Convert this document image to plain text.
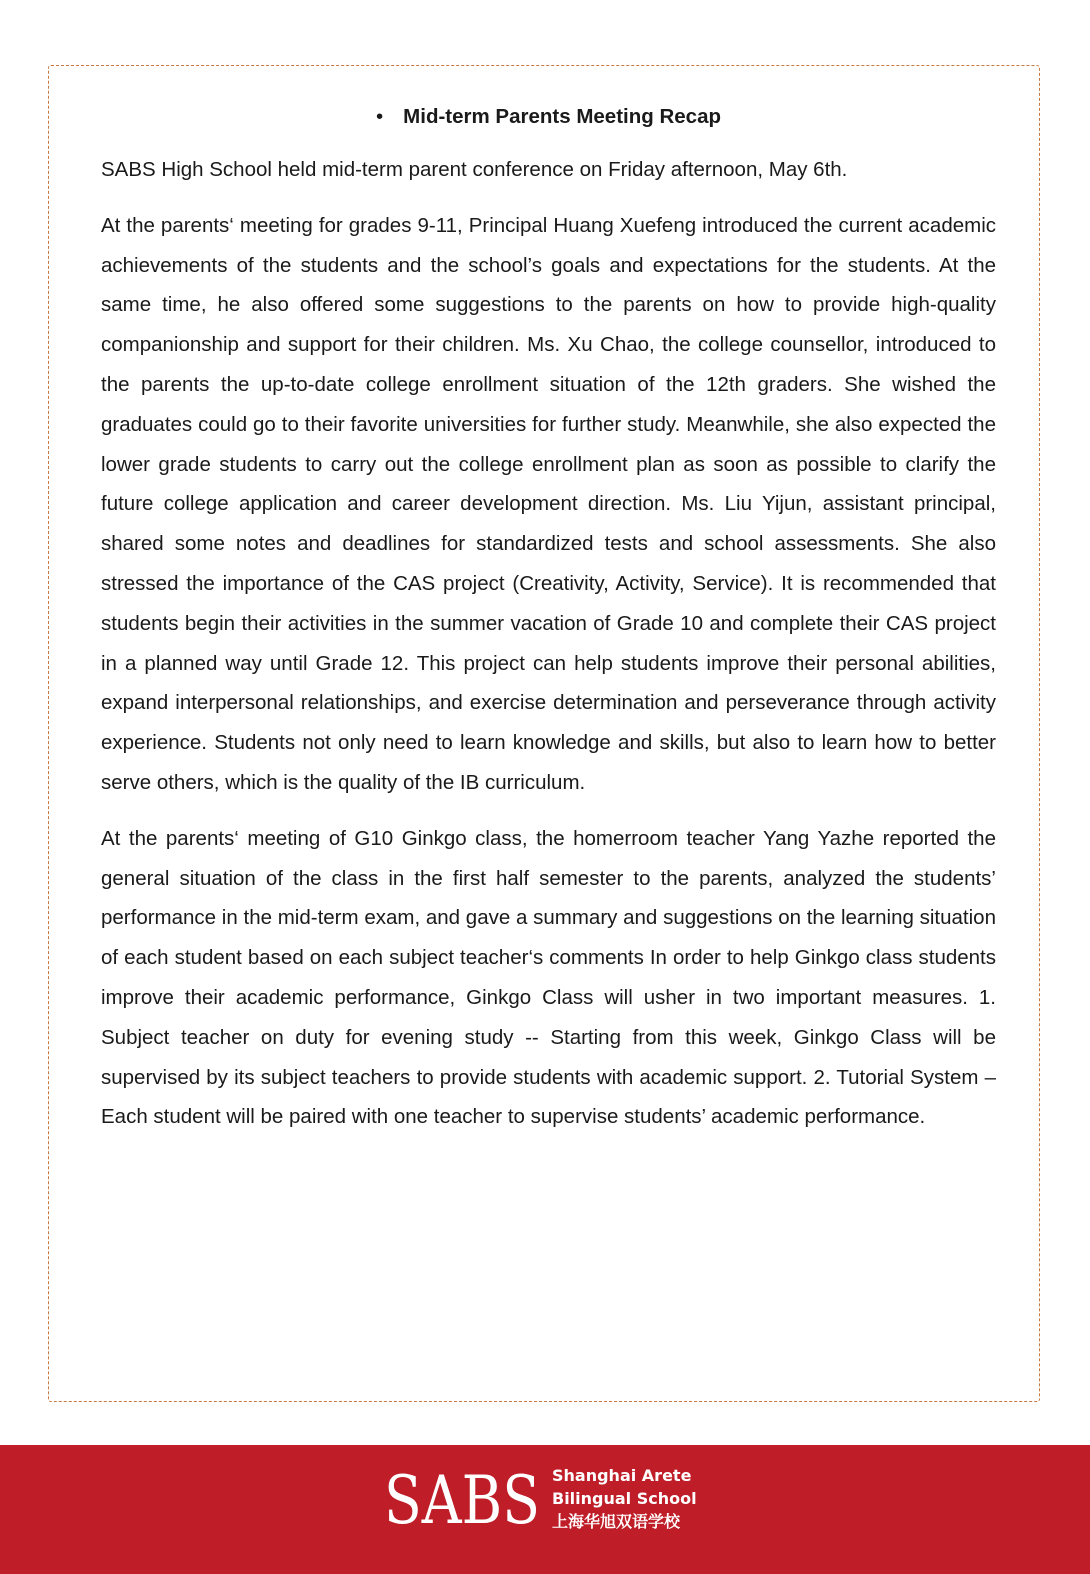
• Mid-term Parents Meeting Recap

SABS High School held mid-term parent conference on Friday afternoon, May 6th.

At the parents‘ meeting for grades 9-11, Principal Huang Xuefeng introduced the current academic achievements of the students and the school’s goals and expectations for the students. At the same time, he also offered some suggestions to the parents on how to provide high-quality companionship and support for their children. Ms. Xu Chao, the college counsellor, introduced to the parents the up-to-date college enrollment situation of the 12th graders. She wished the graduates could go to their favorite universities for further study. Meanwhile, she also expected the lower grade students to carry out the college enrollment plan as soon as possible to clarify the future college application and career development direction. Ms. Liu Yijun, assistant principal, shared some notes and deadlines for standardized tests and school assessments. She also stressed the importance of the CAS project (Creativity, Activity, Service). It is recommended that students begin their activities in the summer vacation of Grade 10 and complete their CAS project in a planned way until Grade 12. This project can help students improve their personal abilities, expand interpersonal relationships, and exercise determination and perseverance through activity experience. Students not only need to learn knowledge and skills, but also to learn how to better serve others, which is the quality of the IB curriculum.

At the parents‘ meeting of G10 Ginkgo class, the homerroom teacher Yang Yazhe reported the general situation of the class in the first half semester to the parents, analyzed the students’ performance in the mid-term exam, and gave a summary and suggestions on the learning situation of each student based on each subject teacher‘s comments In order to help Ginkgo class students improve their academic performance, Ginkgo Class will usher in two important measures. 1. Subject teacher on duty for evening study -- Starting from this week, Ginkgo Class will be supervised by its subject teachers to provide students with academic support. 2. Tutorial System – Each student will be paired with one teacher to supervise students’ academic performance.

SABS Shanghai Arete
Bilingual School
上海华旭双语学校
